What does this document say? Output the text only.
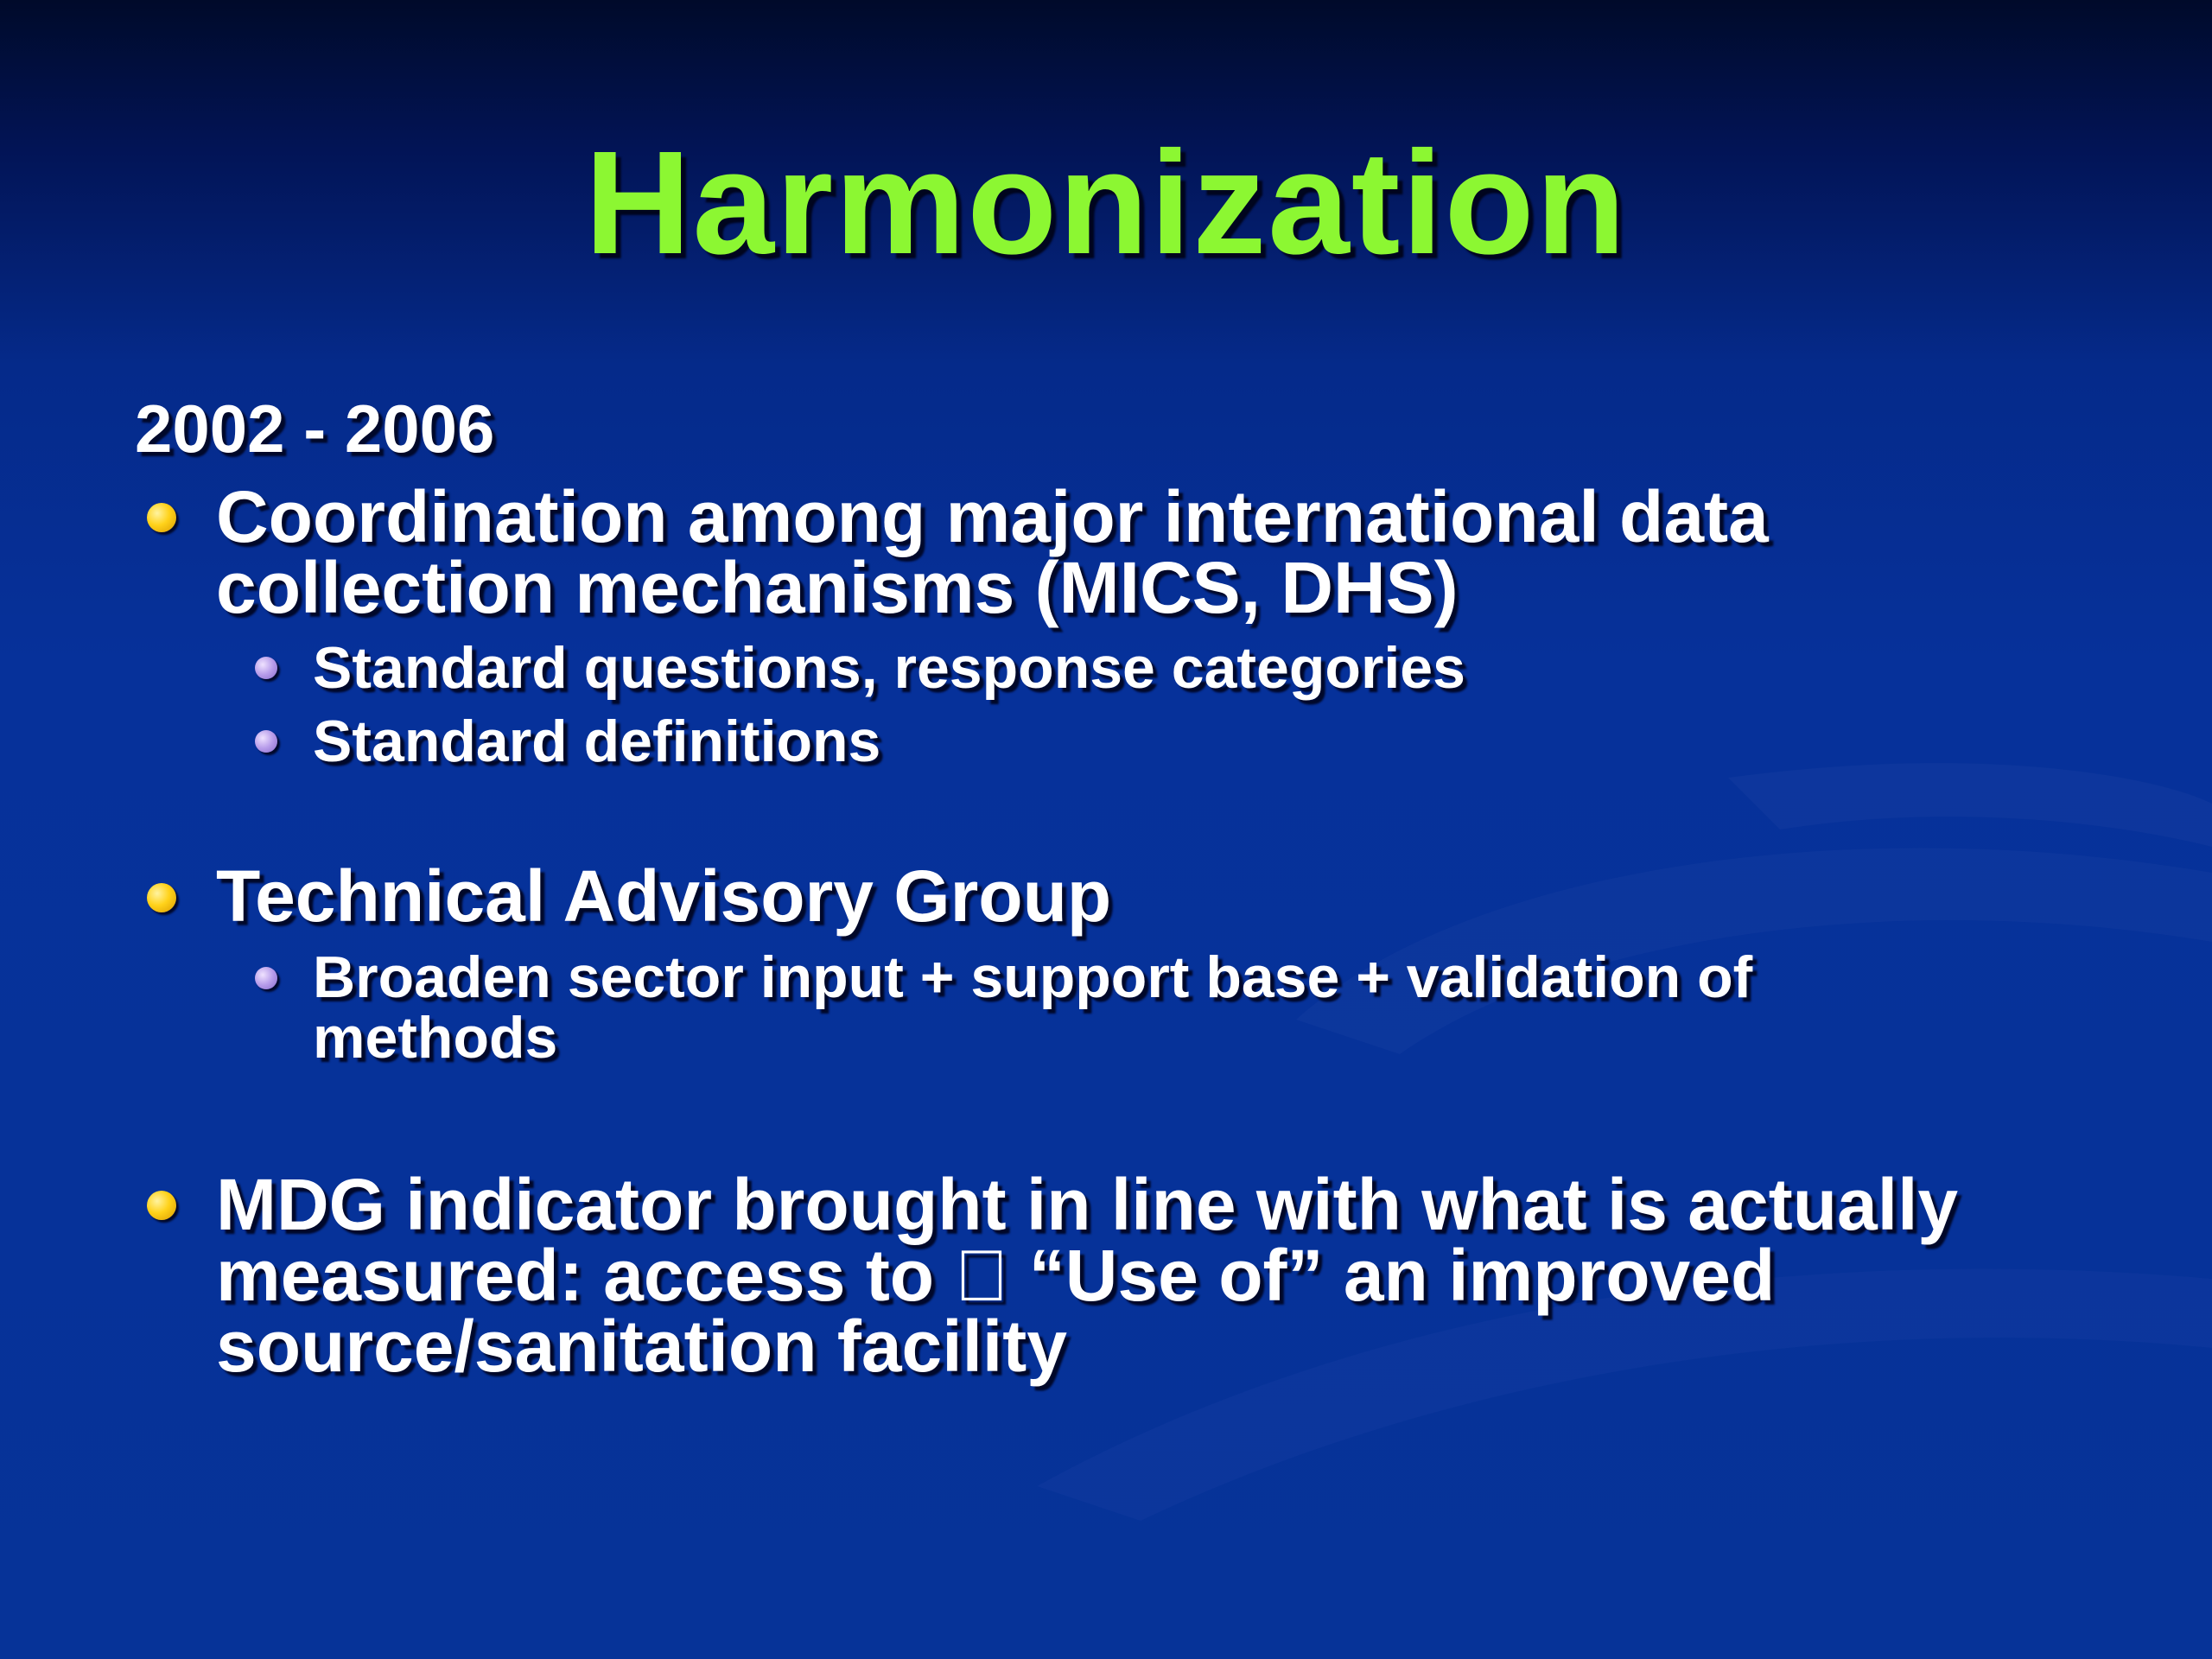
Harmonization
2002 - 2006
Coordination among major international data
collection mechanisms (MICS, DHS)
Standard questions, response categories
Standard definitions
Technical Advisory Group
Broaden sector input + support base + validation of
methods
MDG indicator brought in line with what is actually
measured: access to “Use of” an improved
source/sanitation facility
